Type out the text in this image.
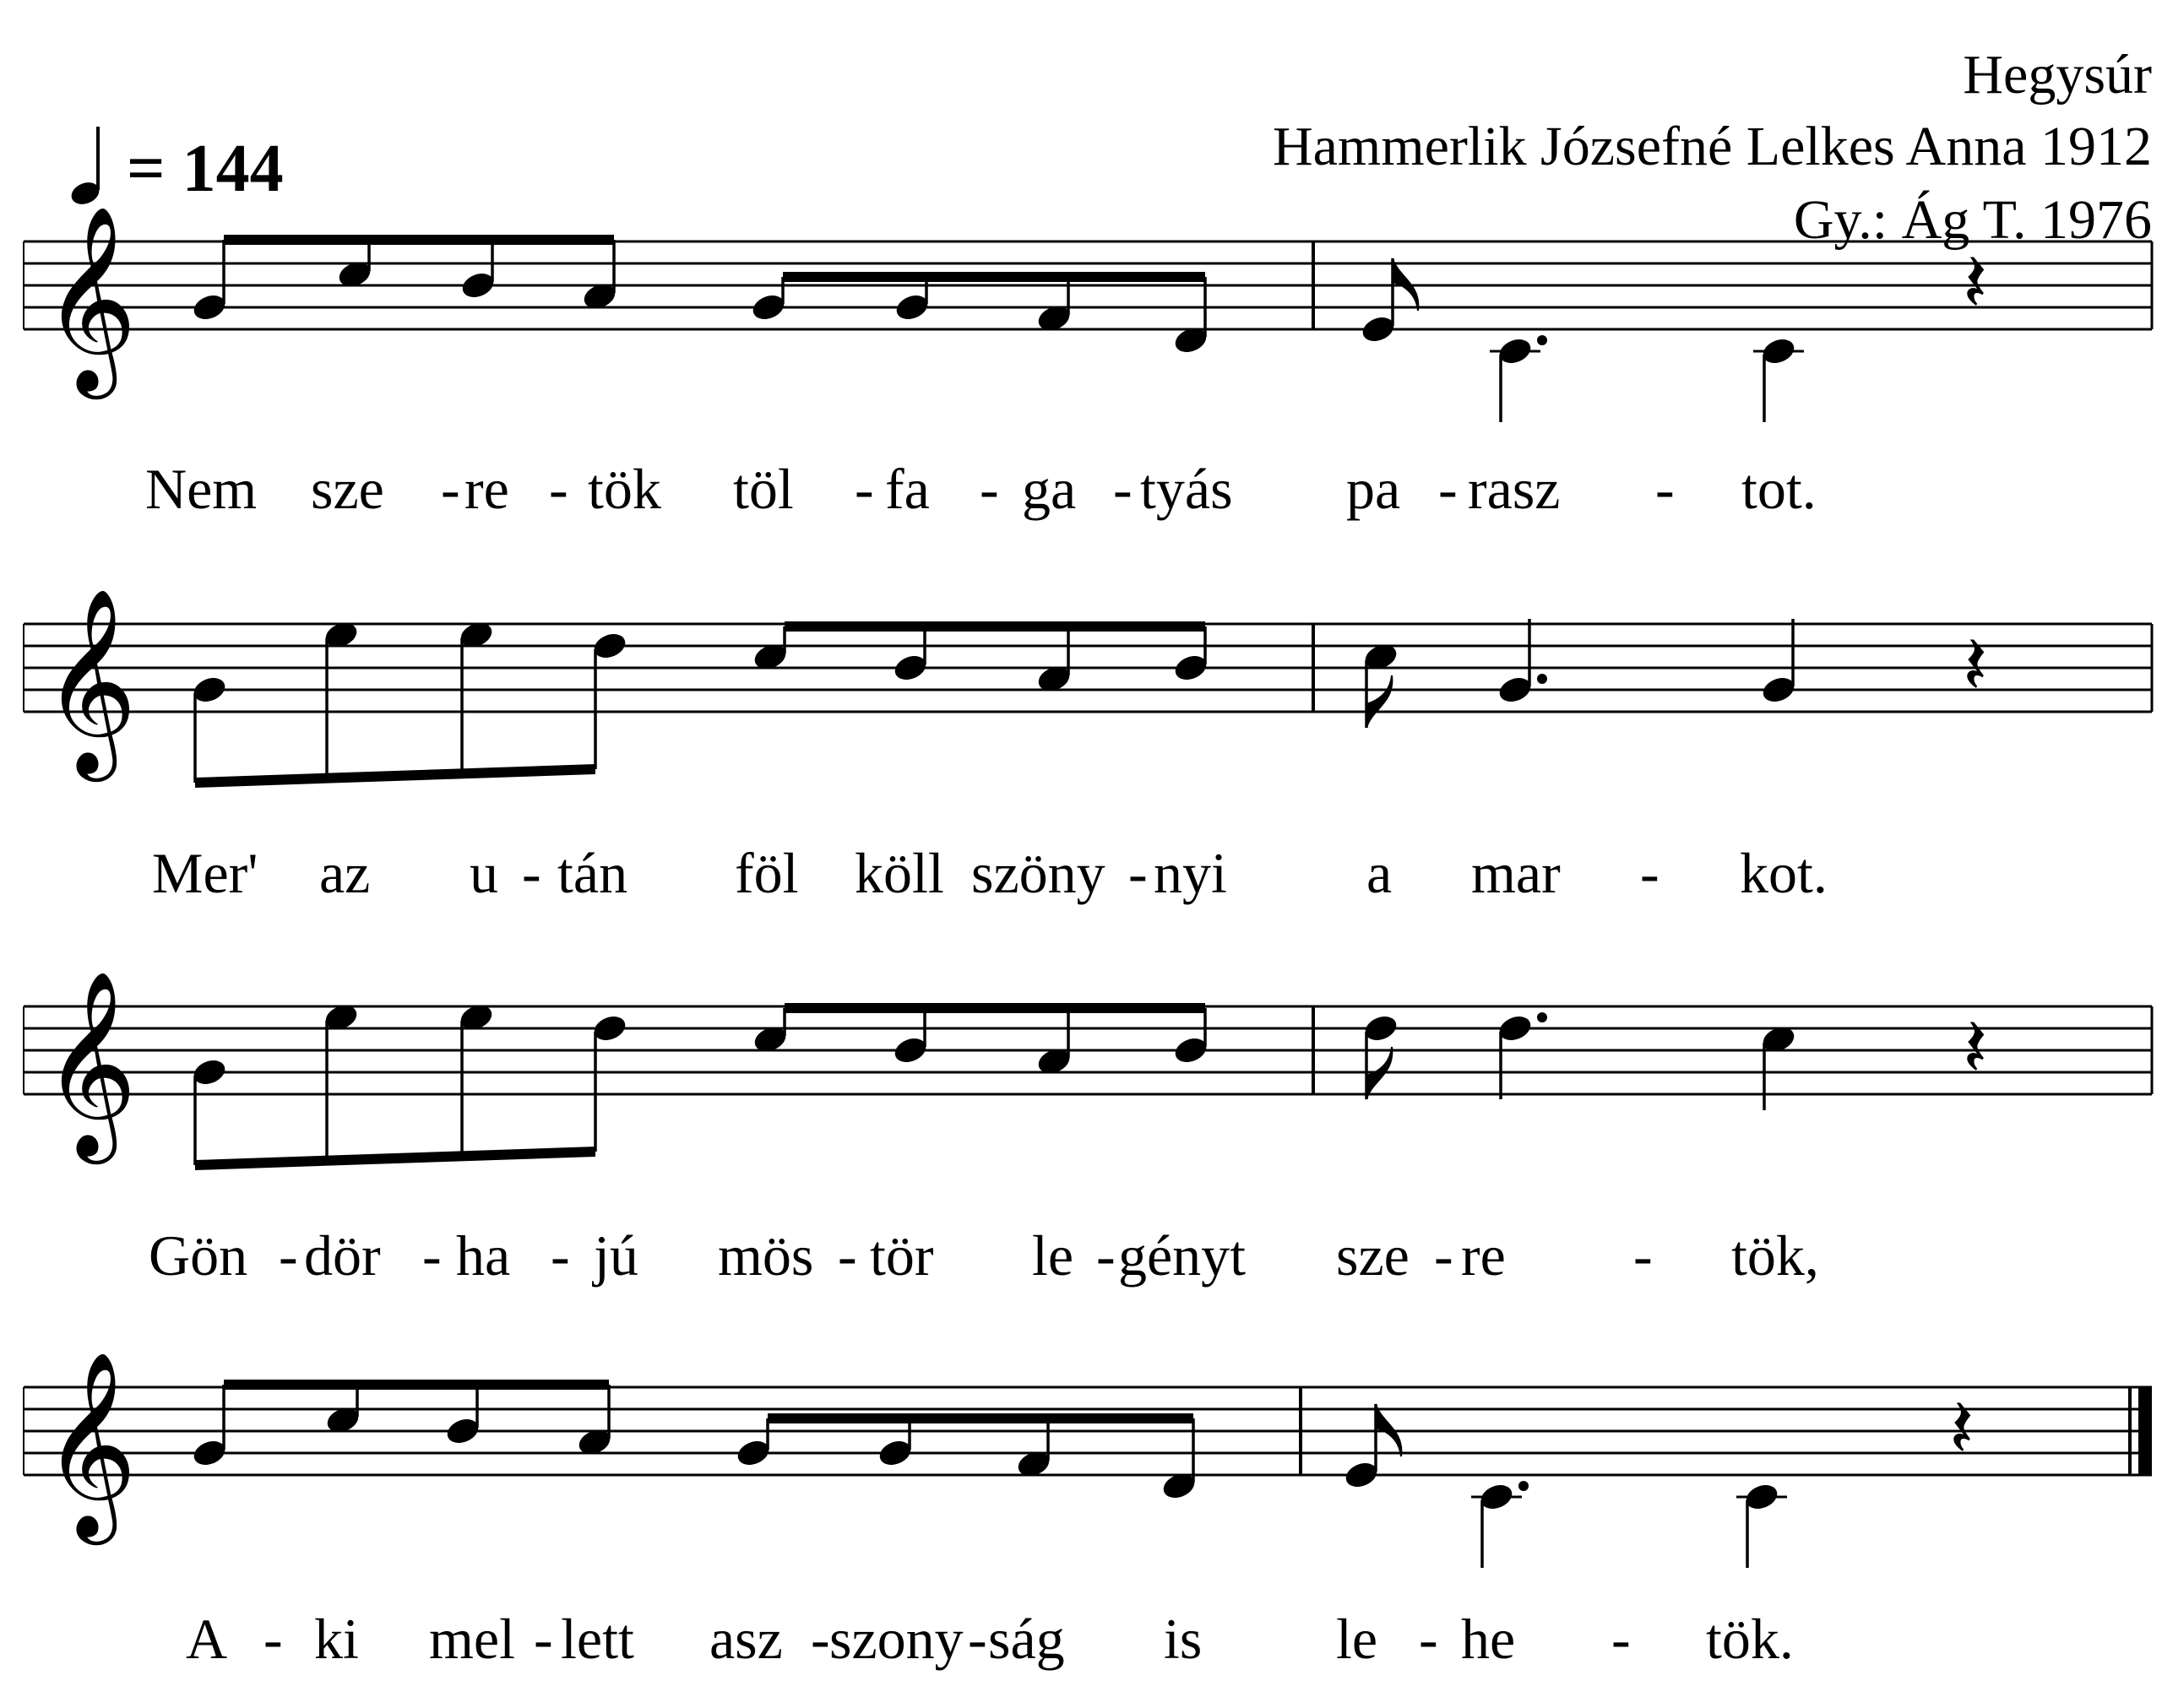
Hegysúr
Hammerlik Józsefné Lelkes Anna 1912
Gy.: Ág T. 1976
= 144
𝄞	𝄽
𝄞	𝄽
𝄞	𝄽
𝄞	𝄽
Nem sze - re - tök töl - fa - ga - tyás pa - rasz - tot.
Mer' az u - tán föl köll szöny - nyi a mar - kot.
Gön - dör - ha - jú mös - tör le - gényt sze - re - tök,
A - ki mel - lett asz - szony - ság is le - he - tök.
